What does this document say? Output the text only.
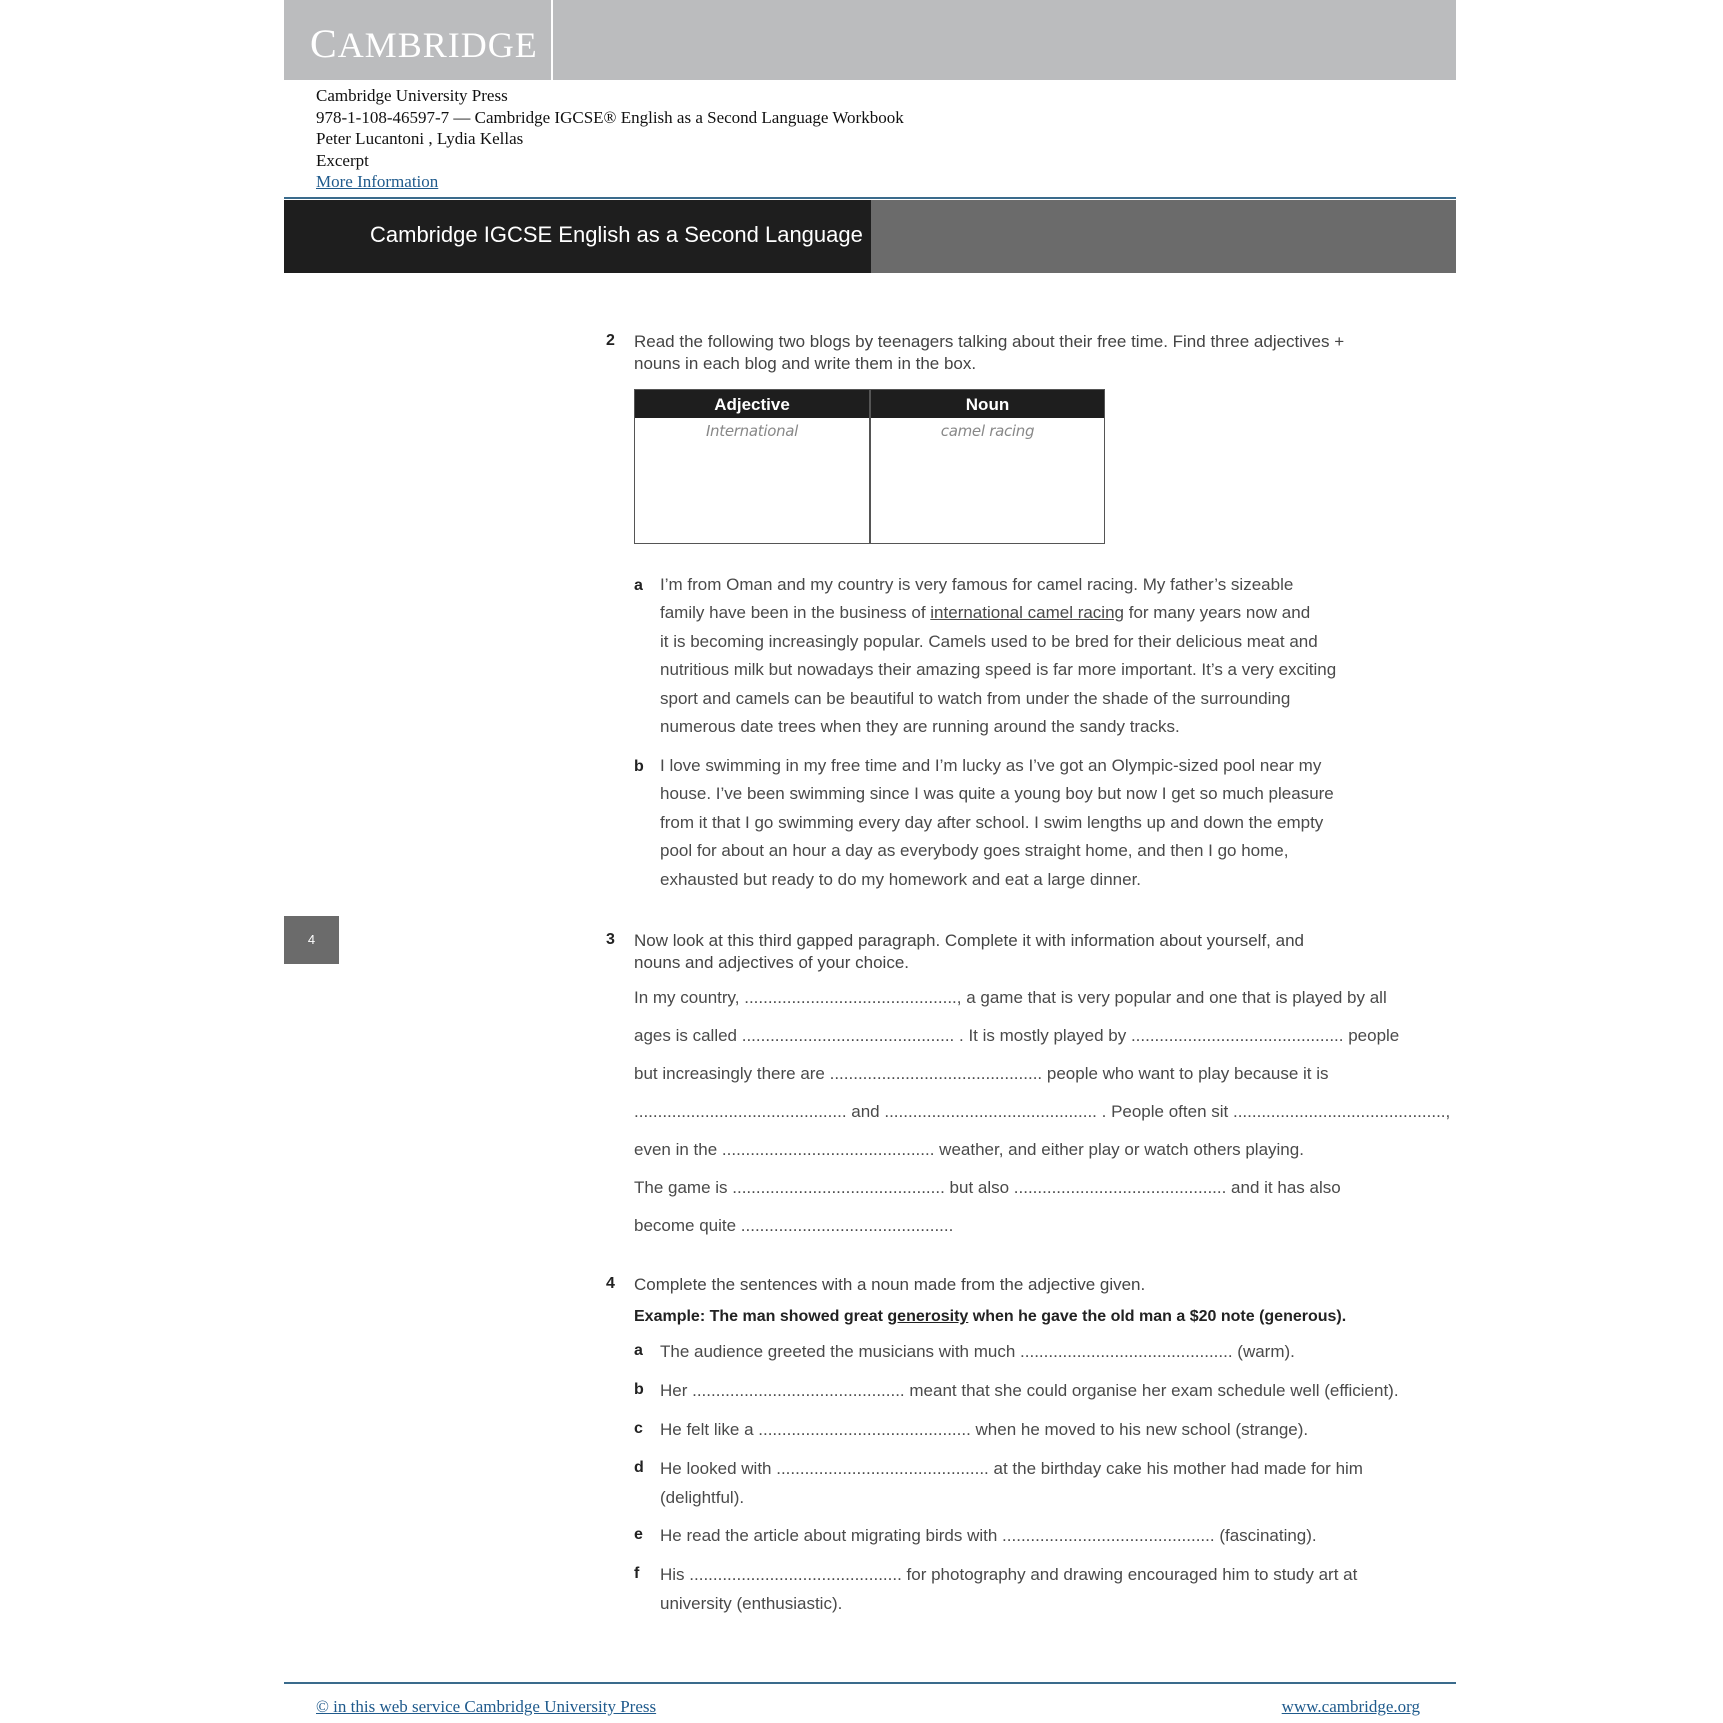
CAMBRIDGE
Cambridge University Press
978-1-108-46597-7 — Cambridge IGCSE® English as a Second Language Workbook
Peter Lucantoni , Lydia Kellas
Excerpt
More Information
Cambridge IGCSE English as a Second Language
4
2 Read the following two blogs by teenagers talking about their free time. Find three adjectives +
nouns in each blog and write them in the box.
Adjective	Noun
International	camel racing
a I’m from Oman and my country is very famous for camel racing. My father’s sizeable
family have been in the business of international camel racing for many years now and
it is becoming increasingly popular. Camels used to be bred for their delicious meat and
nutritious milk but nowadays their amazing speed is far more important. It’s a very exciting
sport and camels can be beautiful to watch from under the shade of the surrounding
numerous date trees when they are running around the sandy tracks.
b I love swimming in my free time and I’m lucky as I’ve got an Olympic-sized pool near my
house. I’ve been swimming since I was quite a young boy but now I get so much pleasure
from it that I go swimming every day after school. I swim lengths up and down the empty
pool for about an hour a day as everybody goes straight home, and then I go home,
exhausted but ready to do my homework and eat a large dinner.
3 Now look at this third gapped paragraph. Complete it with information about yourself, and
nouns and adjectives of your choice.
In my country, ............................................., a game that is very popular and one that is played by all
ages is called ............................................. . It is mostly played by ............................................. people
but increasingly there are ............................................. people who want to play because it is
............................................. and ............................................. . People often sit .............................................,
even in the ............................................. weather, and either play or watch others playing.
The game is ............................................. but also ............................................. and it has also
become quite .............................................
4 Complete the sentences with a noun made from the adjective given.
Example: The man showed great generosity when he gave the old man a $20 note (generous).
a The audience greeted the musicians with much ............................................. (warm).
b Her ............................................. meant that she could organise her exam schedule well (efficient).
c He felt like a ............................................. when he moved to his new school (strange).
d He looked with ............................................. at the birthday cake his mother had made for him
(delightful).
e He read the article about migrating birds with ............................................. (fascinating).
f His ............................................. for photography and drawing encouraged him to study art at
university (enthusiastic).
© in this web service Cambridge University Press	www.cambridge.org
